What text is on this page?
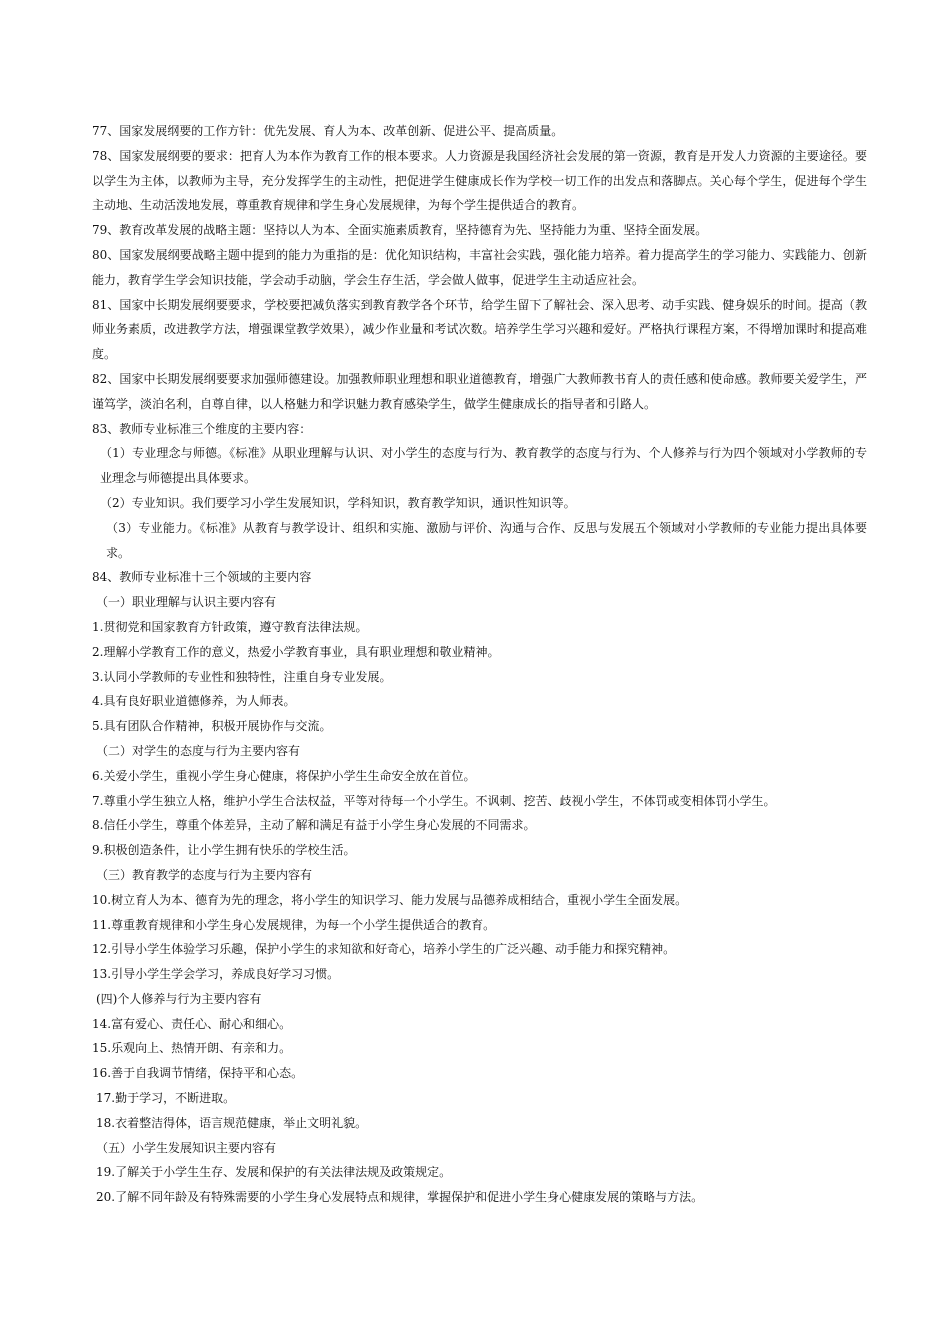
77、国家发展纲要的工作方针：优先发展、育人为本、改革创新、促进公平、提高质量。

78、国家发展纲要的要求：把育人为本作为教育工作的根本要求。人力资源是我国经济社会发展的第一资源，教育是开发人力资源的主要途径。要以学生为主体，以教师为主导，充分发挥学生的主动性，把促进学生健康成长作为学校一切工作的出发点和落脚点。关心每个学生，促进每个学生主动地、生动活泼地发展，尊重教育规律和学生身心发展规律，为每个学生提供适合的教育。

79、教育改革发展的战略主题：坚持以人为本、全面实施素质教育，坚持德育为先、坚持能力为重、坚持全面发展。

80、国家发展纲要战略主题中提到的能力为重指的是：优化知识结构，丰富社会实践，强化能力培养。着力提高学生的学习能力、实践能力、创新能力，教育学生学会知识技能，学会动手动脑，学会生存生活，学会做人做事，促进学生主动适应社会。

81、国家中长期发展纲要要求，学校要把减负落实到教育教学各个环节，给学生留下了解社会、深入思考、动手实践、健身娱乐的时间。提高（教师业务素质，改进教学方法，增强课堂教学效果），减少作业量和考试次数。培养学生学习兴趣和爱好。严格执行课程方案，不得增加课时和提高难度。

82、国家中长期发展纲要要求加强师德建设。加强教师职业理想和职业道德教育，增强广大教师教书育人的责任感和使命感。教师要关爱学生，严谨笃学，淡泊名利，自尊自律，以人格魅力和学识魅力教育感染学生，做学生健康成长的指导者和引路人。

83、教师专业标准三个维度的主要内容：

（1）专业理念与师德。《标准》从职业理解与认识、对小学生的态度与行为、教育教学的态度与行为、个人修养与行为四个领域对小学教师的专业理念与师德提出具体要求。

（2）专业知识。我们要学习小学生发展知识，学科知识，教育教学知识，通识性知识等。

（3）专业能力。《标准》从教育与教学设计、组织和实施、激励与评价、沟通与合作、反思与发展五个领域对小学教师的专业能力提出具体要求。

84、教师专业标准十三个领域的主要内容

（一）职业理解与认识主要内容有

1.贯彻党和国家教育方针政策，遵守教育法律法规。

2.理解小学教育工作的意义，热爱小学教育事业，具有职业理想和敬业精神。

3.认同小学教师的专业性和独特性，注重自身专业发展。

4.具有良好职业道德修养，为人师表。

5.具有团队合作精神，积极开展协作与交流。

（二）对学生的态度与行为主要内容有

6.关爱小学生，重视小学生身心健康，将保护小学生生命安全放在首位。

7.尊重小学生独立人格，维护小学生合法权益，平等对待每一个小学生。不讽刺、挖苦、歧视小学生，不体罚或变相体罚小学生。

8.信任小学生，尊重个体差异，主动了解和满足有益于小学生身心发展的不同需求。

9.积极创造条件，让小学生拥有快乐的学校生活。

（三）教育教学的态度与行为主要内容有

10.树立育人为本、德育为先的理念，将小学生的知识学习、能力发展与品德养成相结合，重视小学生全面发展。

11.尊重教育规律和小学生身心发展规律，为每一个小学生提供适合的教育。

12.引导小学生体验学习乐趣，保护小学生的求知欲和好奇心，培养小学生的广泛兴趣、动手能力和探究精神。

13.引导小学生学会学习，养成良好学习习惯。

(四)个人修养与行为主要内容有

14.富有爱心、责任心、耐心和细心。

15.乐观向上、热情开朗、有亲和力。

16.善于自我调节情绪，保持平和心态。

17.勤于学习，不断进取。

18.衣着整洁得体，语言规范健康，举止文明礼貌。

（五）小学生发展知识主要内容有

19.了解关于小学生生存、发展和保护的有关法律法规及政策规定。

20.了解不同年龄及有特殊需要的小学生身心发展特点和规律，掌握保护和促进小学生身心健康发展的策略与方法。
